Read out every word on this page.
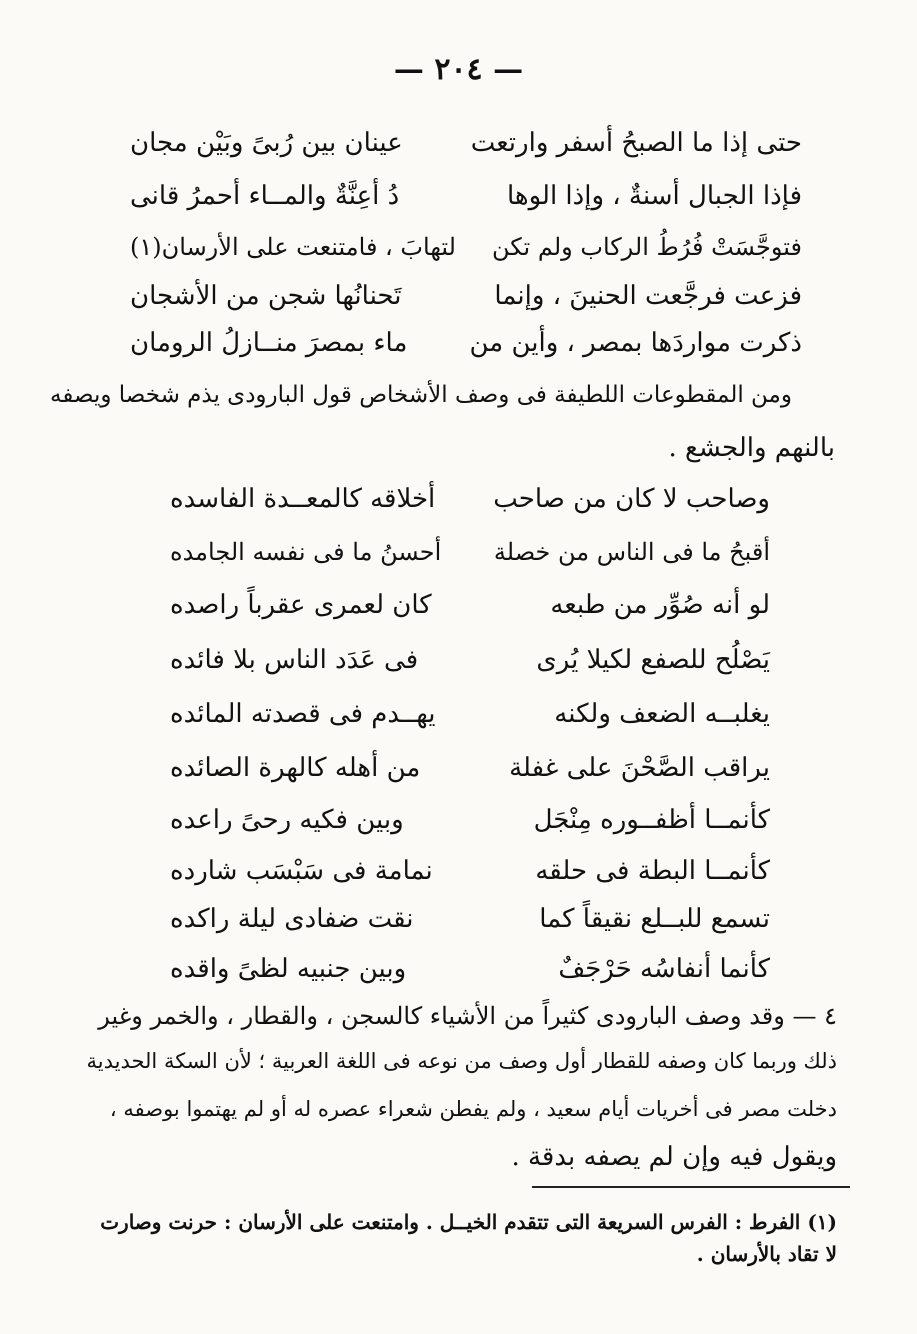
— ٢٠٤ —
حتى إذا ما الصبحُ أسفر وارتعت
عينان بين رُبىً وبَيْن مجان
فإذا الجبال أسنةٌ ، وإذا الوها
دُ أعِنَّةٌ والمــاء أحمرُ قانى
فتوجَّسَتْ فُرُطُ الركاب ولم تكن
لتهابَ ، فامتنعت على الأرسان(١)
فزعت فرجَّعت الحنينَ ، وإنما
تَحنانُها شجن من الأشجان
ذكرت مواردَها بمصر ، وأين من
ماء بمصرَ منــازلُ الرومان
ومن المقطوعات اللطيفة فى وصف الأشخاص قول البارودى يذم شخصا ويصفه
بالنهم والجشع .
وصاحب لا كان من صاحب
أخلاقه كالمعــدة الفاسده
أقبحُ ما فى الناس من خصلة
أحسنُ ما فى نفسه الجامده
لو أنه صُوِّر من طبعه
كان لعمرى عقرباً راصده
يَصْلُح للصفع لكيلا يُرى
فى عَدَد الناس بلا فائده
يغلبــه الضعف ولكنه
يهــدم فى قصدته المائده
يراقب الصَّحْنَ على غفلة
من أهله كالهرة الصائده
كأنمــا أظفــوره مِنْجَل
وبين فكيه رحىً راعده
كأنمــا البطة فى حلقه
نمامة فى سَبْسَب شارده
تسمع للبــلع نقيقاً كما
نقت ضفادى ليلة راكده
كأنما أنفاسُه حَرْجَفٌ
وبين جنبيه لظىً واقده
٤ — وقد وصف البارودى كثيراً من الأشياء كالسجن ، والقطار ، والخمر وغير
ذلك وربما كان وصفه للقطار أول وصف من نوعه فى اللغة العربية ؛ لأن السكة الحديدية
دخلت مصر فى أخريات أيام سعيد ، ولم يفطن شعراء عصره له أو لم يهتموا بوصفه ،
ويقول فيه وإن لم يصفه بدقة .
(١) الفرط : الفرس السريعة التى تتقدم الخيــل . وامتنعت على الأرسان : حرنت وصارت
لا تقاد بالأرسان .
